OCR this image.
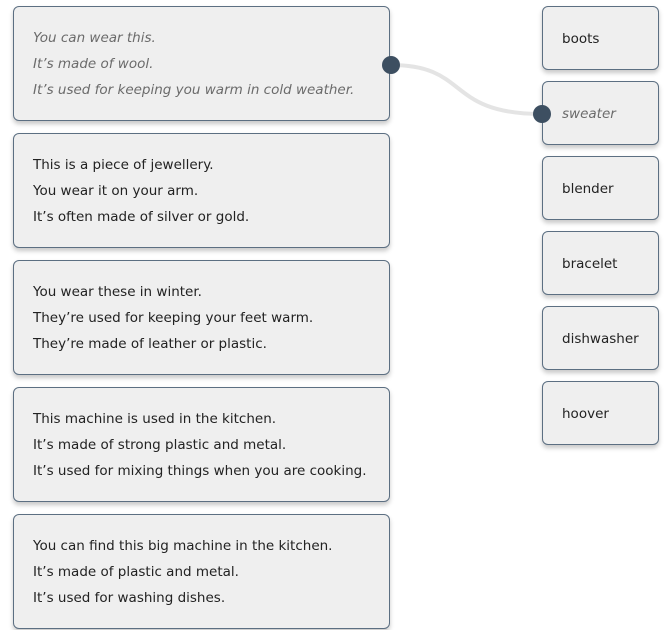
You can wear this.
It’s made of wool.
It’s used for keeping you warm in cold weather.
This is a piece of jewellery.
You wear it on your arm.
It’s often made of silver or gold.
You wear these in winter.
They’re used for keeping your feet warm.
They’re made of leather or plastic.
This machine is used in the kitchen.
It’s made of strong plastic and metal.
It’s used for mixing things when you are cooking.
You can find this big machine in the kitchen.
It’s made of plastic and metal.
It’s used for washing dishes.
boots
sweater
blender
bracelet
dishwasher
hoover
